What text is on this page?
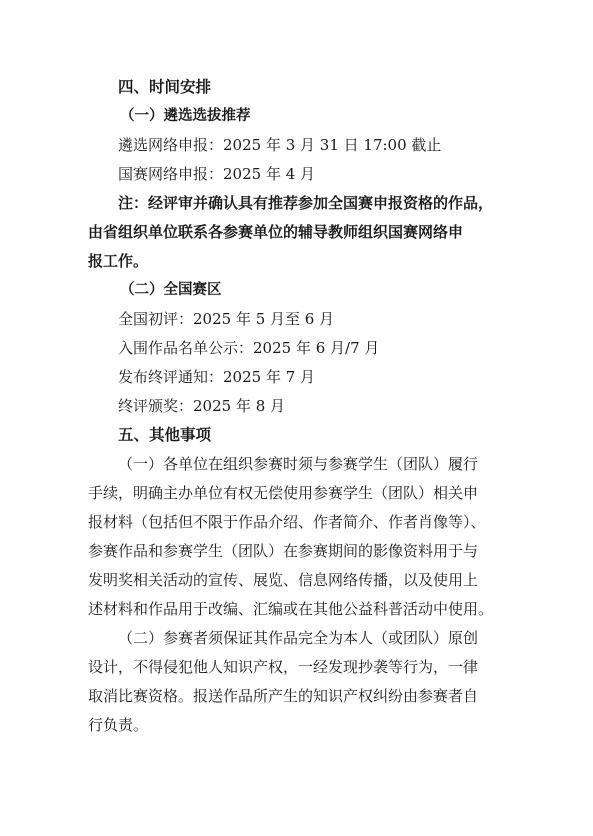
四、时间安排
（一）遴选选拔推荐
遴选网络申报：2025 年 3 月 31 日 17:00 截止
国赛网络申报：2025 年 4 月
注：经评审并确认具有推荐参加全国赛申报资格的作品，
由省组织单位联系各参赛单位的辅导教师组织国赛网络申
报工作。
（二）全国赛区
全国初评：2025 年 5 月至 6 月
入围作品名单公示：2025 年 6 月/7 月
发布终评通知：2025 年 7 月
终评颁奖：2025 年 8 月
五、其他事项
（一）各单位在组织参赛时须与参赛学生（团队）履行
手续，明确主办单位有权无偿使用参赛学生（团队）相关申
报材料（包括但不限于作品介绍、作者简介、作者肖像等）、
参赛作品和参赛学生（团队）在参赛期间的影像资料用于与
发明奖相关活动的宣传、展览、信息网络传播，以及使用上
述材料和作品用于改编、汇编或在其他公益科普活动中使用。
（二）参赛者须保证其作品完全为本人（或团队）原创
设计，不得侵犯他人知识产权，一经发现抄袭等行为，一律
取消比赛资格。报送作品所产生的知识产权纠纷由参赛者自
行负责。
